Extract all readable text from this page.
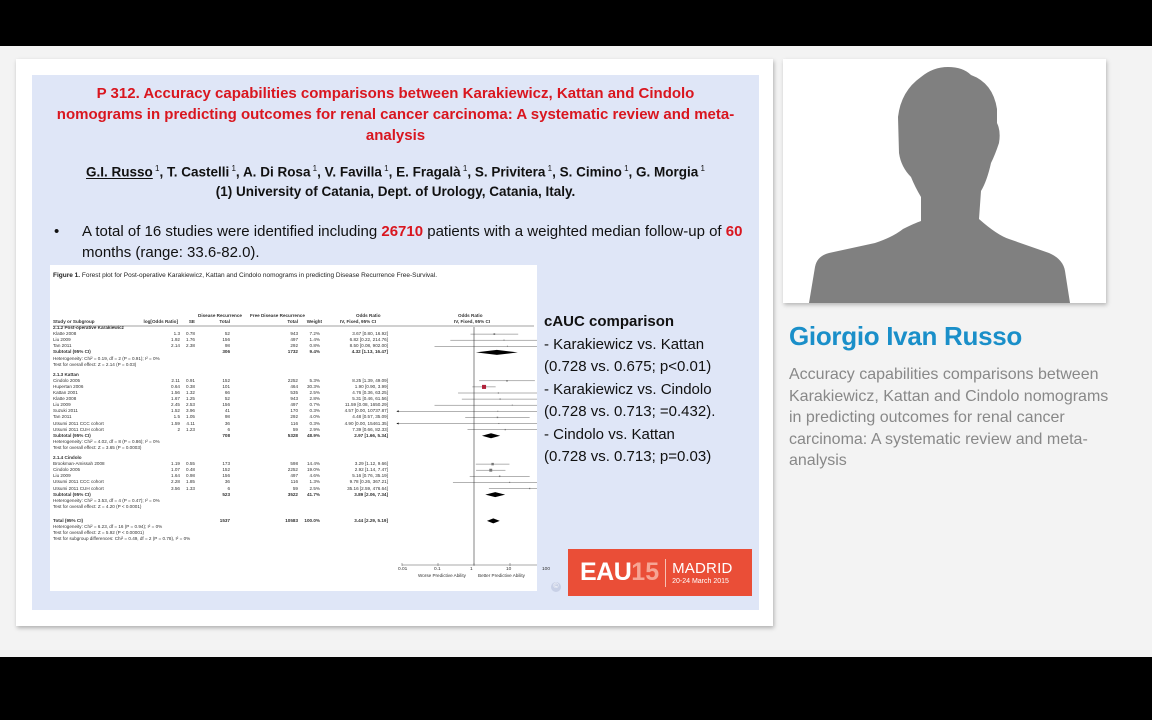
P 312. Accuracy capabilities comparisons between Karakiewicz, Kattan and Cindolo nomograms in predicting outcomes for renal cancer carcinoma: A systematic review and meta-analysis
G.I. Russo $^1$, T. Castelli $^1$, A. Di Rosa $^1$, V. Favilla $^1$, E. Fragalà $^1$, S. Privitera $^1$, S. Cimino $^1$, G. Morgia $^1$
(1) University of Catania, Dept. of Urology, Catania, Italy.
• A total of 16 studies were identified including 26710 patients with a weighted median follow-up of 60 months (range: 33.6-82.0).
Figure 1. Forest plot for Post-operative Karakiewicz, Kattan and Cindolo nomograms in predicting Disease Recurrence Free-Survival.
Disease Recurrence Free Disease Recurrence	Odds Ratio	Odds Ratio
Study or Subgroup	log[Odds Ratio] SE	Total	Total Weight	IV, Fixed, 95% CI	IV, Fixed, 95% CI
2.1.2 Post-operative Karakiewicz
Klatte 2008	1.3 0.78	52	943	7.2%	3.67 [0.80, 16.92]
Liu 2009	1.92 1.76	156	497	1.4%	6.82 [0.22, 214.76]
Tan 2011	2.14 2.38	98	292	0.8%	8.50 [0.08, 902.00]
Subtotal (95% CI)	306	1732	9.4%	4.32 [1.13, 16.47]
Heterogeneity: Chi² = 0.19, df = 2 (P = 0.91); I² = 0%
Test for overall effect: Z = 2.14 (P = 0.03)
2.1.3 Kattan
Cindolo 2005	2.11 0.91	152	2252	5.3%	8.25 [1.39, 49.09]
Hupertan 2006	0.64 0.38	101	464 30.3%	1.90 [0.90, 3.99]
Kattan 2001	1.56 1.32	66	535	2.5%	4.76 [0.36, 63.25]
Klatte 2008	1.67 1.25	52	943	2.8%	5.31 [0.46, 61.56]
Liu 2009	2.45 2.53	156	497	0.7%	11.59 [0.08, 1650.29]
Suzuki 2011	1.52 3.96	41	170	0.3%	4.57 [0.00, 10737.87]
Tan 2011	1.5 1.05	98	292	4.0%	4.48 [0.57, 35.09]
Utsumi 2011 CCC cohort	1.59 4.11	36	116	0.3%	4.90 [0.00, 15461.35]
Utsumi 2011 CUH cohort	2 1.23	6	59	2.9%	7.39 [0.66, 82.33]
Subtotal (95% CI)	708	5328 48.9%	2.97 [1.66, 5.34]
Heterogeneity: Chi² = 4.02, df = 8 (P = 0.86); I² = 0%
Test for overall effect: Z = 3.65 (P = 0.0003)
2.1.4 Cindolo
Brookman-Amissah 2008	1.19 0.55	173	598 14.4%	3.29 [1.12, 9.66]
Cindolo 2005	1.07 0.48	152	2252 19.0%	2.92 [1.14, 7.47]
Liu 2009	1.64 0.98	156	497	4.6%	5.16 [0.76, 35.19]
Utsumi 2011 CCC cohort	2.28 1.85	36	116	1.3%	9.78 [0.26, 367.21]
Utsumi 2011 CUH cohort	3.56 1.33	6	59	2.5%	35.16 [2.59, 476.64]
Subtotal (95% CI)	523	3522 41.7%	3.89 [2.06, 7.34]
Heterogeneity: Chi² = 3.53, df = 4 (P = 0.47); I² = 0%
Test for overall effect: Z = 4.20 (P < 0.0001)
Total (95% CI)	1537	10583 100.0%	3.44 [2.29, 5.19]
Heterogeneity: Chi² = 6.23, df = 16 (P = 0.94); I² = 0%
Test for overall effect: Z = 5.92 (P < 0.00001)
Test for subgroup differences: Chi² = 0.49, df = 2 (P = 0.78), I² = 0%
0.01	0.1	1	10	100
Worse Predictive Ability	Better Predictive Ability
cAUC comparison
- Karakiewicz vs. Kattan
(0.728 vs. 0.675; p<0.01)
- Karakiewicz vs. Cindolo
(0.728 vs. 0.713; =0.432).
- Cindolo vs. Kattan
(0.728 vs. 0.713; p=0.03)
©
EAU 15 MADRID
20-24 March 2015
Giorgio Ivan Russo
Accuracy capabilities comparisons between Karakiewicz, Kattan and Cindolo nomograms in predicting outcomes for renal cancer carcinoma: A systematic review and meta-analysis
